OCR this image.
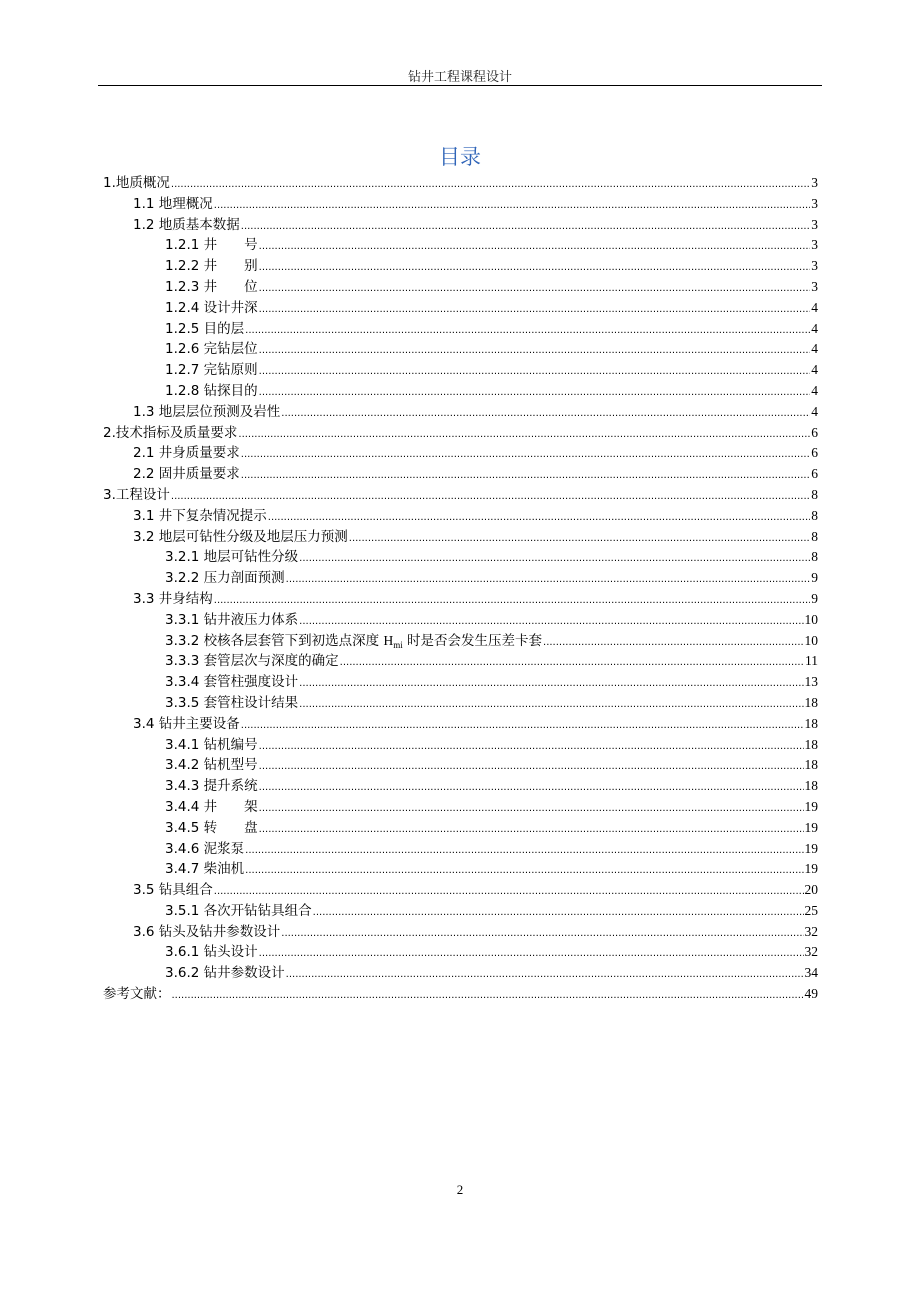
钻井工程课程设计
目录
1.地质概况 .....	3
1.1 地理概况 .....	3
1.2 地质基本数据 .....	3
1.2.1 井　　号 .....	3
1.2.2 井　　别 .....	3
1.2.3 井　　位 .....	3
1.2.4 设计井深 .....	4
1.2.5 目的层 .....	4
1.2.6 完钻层位 .....	4
1.2.7 完钻原则 .....	4
1.2.8 钻探目的 .....	4
1.3 地层层位预测及岩性 .....	4
2.技术指标及质量要求 .....	6
2.1 井身质量要求 .....	6
2.2 固井质量要求 .....	6
3.工程设计 .....	8
3.1 井下复杂情况提示 .....	8
3.2 地层可钻性分级及地层压力预测 .....	8
3.2.1 地层可钻性分级 .....	8
3.2.2 压力剖面预测 .....	9
3.3 井身结构 .....	9
3.3.1 钻井液压力体系 .....	10
3.3.2 校核各层套管下到初选点深度 $H_{mi}$ 时是否会发生压差卡套 .....	10
3.3.3 套管层次与深度的确定 .....	11
3.3.4 套管柱强度设计 .....	13
3.3.5 套管柱设计结果 .....	18
3.4 钻井主要设备 .....	18
3.4.1 钻机编号 .....	18
3.4.2 钻机型号 .....	18
3.4.3 提升系统 .....	18
3.4.4 井　　架 .....	19
3.4.5 转　　盘 .....	19
3.4.6 泥浆泵 .....	19
3.4.7 柴油机 .....	19
3.5 钻具组合 .....	20
3.5.1 各次开钻钻具组合 .....	25
3.6 钻头及钻井参数设计 .....	32
3.6.1 钻头设计 .....	32
3.6.2 钻井参数设计 .....	34
参考文献： .....	49
2
